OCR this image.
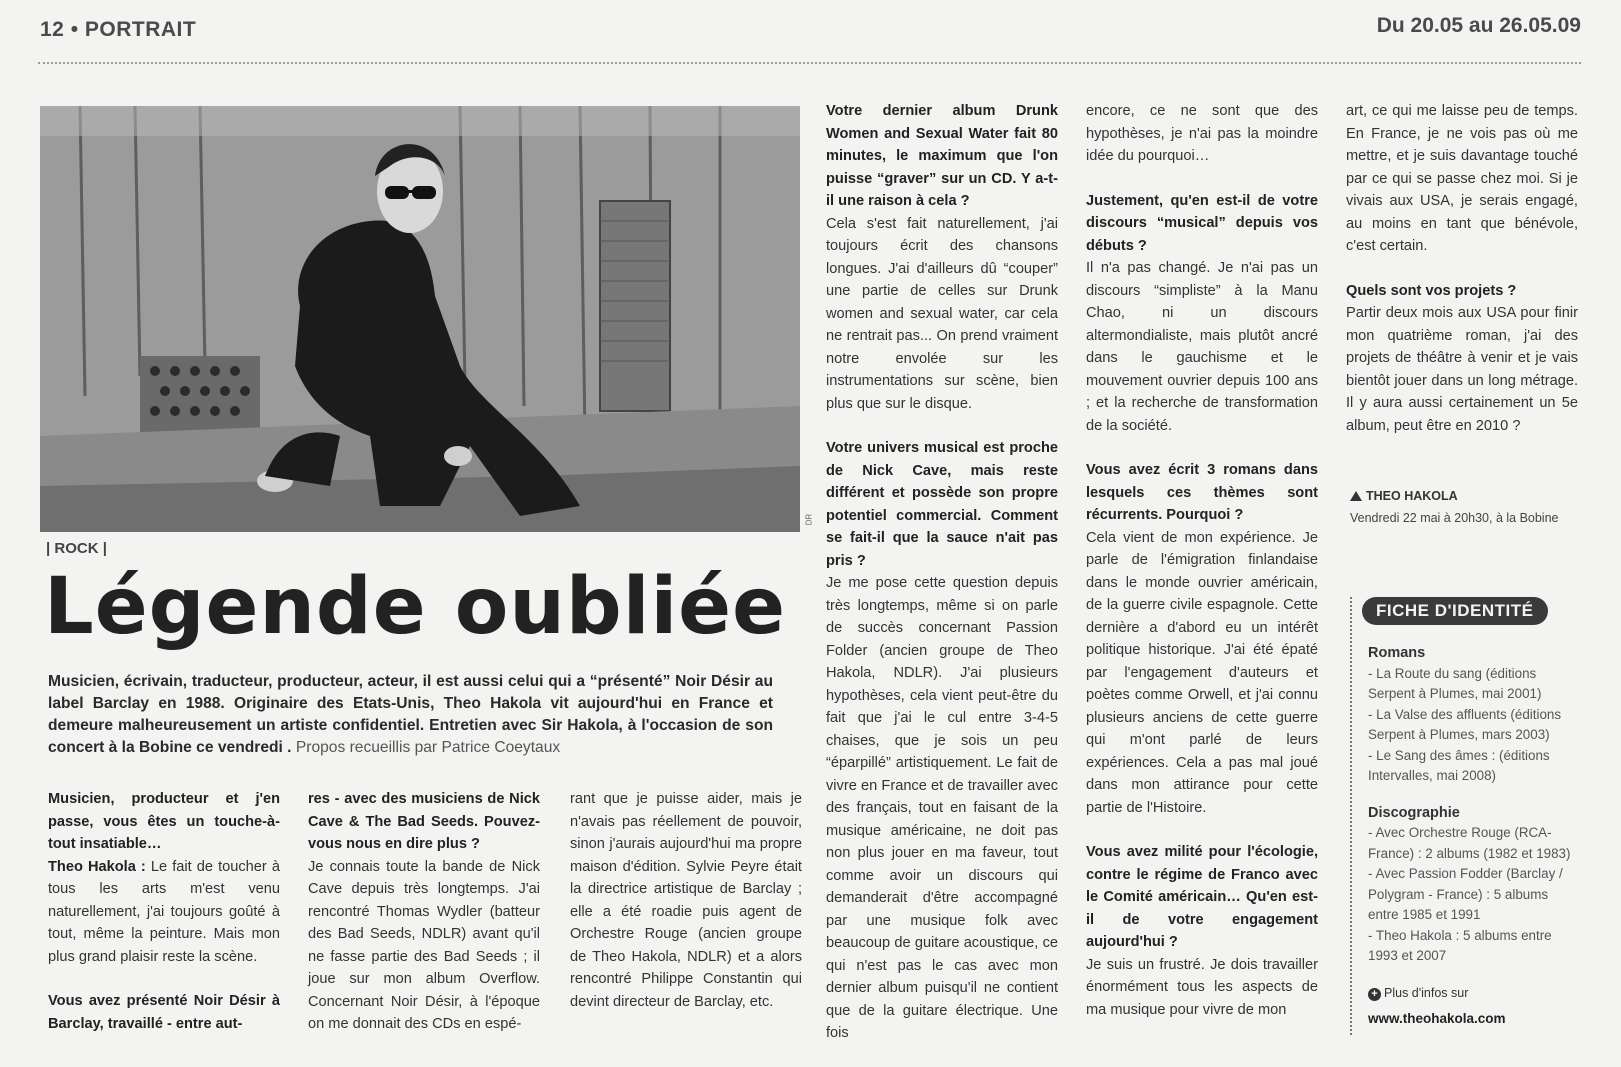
12 • PORTRAIT	Du 20.05 au 26.05.09
DR
| ROCK |
Légende oubliée
Musicien, écrivain, traducteur, producteur, acteur, il est aussi celui qui a “présenté” Noir Désir au label Barclay en 1988. Originaire des Etats-Unis, Theo Hakola vit aujourd'hui en France et demeure malheureusement un artiste confidentiel. Entretien avec Sir Hakola, à l'occasion de son concert à la Bobine ce vendredi . Propos recueillis par Patrice Coeytaux
Musicien, producteur et j'en passe, vous êtes un touche-à-tout insatiable…

Theo Hakola : Le fait de toucher à tous les arts m'est venu naturellement, j'ai toujours goûté à tout, même la peinture. Mais mon plus grand plaisir reste la scène.

Vous avez présenté Noir Désir à Barclay, travaillé - entre aut-
res - avec des musiciens de Nick Cave & The Bad Seeds. Pouvez-vous nous en dire plus ?

Je connais toute la bande de Nick Cave depuis très longtemps. J'ai rencontré Thomas Wydler (batteur des Bad Seeds, NDLR) avant qu'il ne fasse partie des Bad Seeds ; il joue sur mon album Overflow. Concernant Noir Désir, à l'époque on me donnait des CDs en espé-

rant que je puisse aider, mais je n'avais pas réellement de pouvoir, sinon j'aurais aujourd'hui ma propre maison d'édition. Sylvie Peyre était la directrice artistique de Barclay ; elle a été roadie puis agent de Orchestre Rouge (ancien groupe de Theo Hakola, NDLR) et a alors rencontré Philippe Constantin qui devint directeur de Barclay, etc.

Votre dernier album Drunk Women and Sexual Water fait 80 minutes, le maximum que l'on puisse “graver” sur un CD. Y a-t-il une raison à cela ?

Cela s'est fait naturellement, j'ai toujours écrit des chansons longues. J'ai d'ailleurs dû “couper” une partie de celles sur Drunk women and sexual water, car cela ne rentrait pas... On prend vraiment notre envolée sur les instrumentations sur scène, bien plus que sur le disque.

Votre univers musical est proche de Nick Cave, mais reste différent et possède son propre potentiel commercial. Comment se fait-il que la sauce n'ait pas pris ?

Je me pose cette question depuis très longtemps, même si on parle de succès concernant Passion Folder (ancien groupe de Theo Hakola, NDLR). J'ai plusieurs hypothèses, cela vient peut-être du fait que j'ai le cul entre 3-4-5 chaises, que je sois un peu “éparpillé” artistiquement. Le fait de vivre en France et de travailler avec des français, tout en faisant de la musique américaine, ne doit pas non plus jouer en ma faveur, tout comme avoir un discours qui demanderait d'être accompagné par une musique folk avec beaucoup de guitare acoustique, ce qui n'est pas le cas avec mon dernier album puisqu'il ne contient que de la guitare électrique. Une fois

encore, ce ne sont que des hypothèses, je n'ai pas la moindre idée du pourquoi…

Justement, qu'en est-il de votre discours “musical” depuis vos débuts ?

Il n'a pas changé. Je n'ai pas un discours “simpliste” à la Manu Chao, ni un discours altermondialiste, mais plutôt ancré dans le gauchisme et le mouvement ouvrier depuis 100 ans ; et la recherche de transformation de la société.

Vous avez écrit 3 romans dans lesquels ces thèmes sont récurrents. Pourquoi ?

Cela vient de mon expérience. Je parle de l'émigration finlandaise dans le monde ouvrier américain, de la guerre civile espagnole. Cette dernière a d'abord eu un intérêt politique historique. J'ai été épaté par l'engagement d'auteurs et poètes comme Orwell, et j'ai connu plusieurs anciens de cette guerre qui m'ont parlé de leurs expériences. Cela a pas mal joué dans mon attirance pour cette partie de l'Histoire.

Vous avez milité pour l'écologie, contre le régime de Franco avec le Comité américain… Qu'en est-il de votre engagement aujourd'hui ?

Je suis un frustré. Je dois travailler énormément tous les aspects de ma musique pour vivre de mon

art, ce qui me laisse peu de temps. En France, je ne vois pas où me mettre, et je suis davantage touché par ce qui se passe chez moi. Si je vivais aux USA, je serais engagé, au moins en tant que bénévole, c'est certain.

Quels sont vos projets ?

Partir deux mois aux USA pour finir mon quatrième roman, j'ai des projets de théâtre à venir et je vais bientôt jouer dans un long métrage. Il y aura aussi certainement un 5e album, peut être en 2010 ?

THEO HAKOLA
Vendredi 22 mai à 20h30, à la Bobine
FICHE D'IDENTITÉ
Romans

- La Route du sang (éditions Serpent à Plumes, mai 2001)

- La Valse des affluents (éditions Serpent à Plumes, mars 2003)

- Le Sang des âmes : (éditions Intervalles, mai 2008)

Discographie

- Avec Orchestre Rouge (RCA-France) : 2 albums (1982 et 1983)

- Avec Passion Fodder (Barclay / Polygram - France) : 5 albums entre 1985 et 1991

- Theo Hakola : 5 albums entre 1993 et 2007

+ Plus d'infos sur
www.theohakola.com
